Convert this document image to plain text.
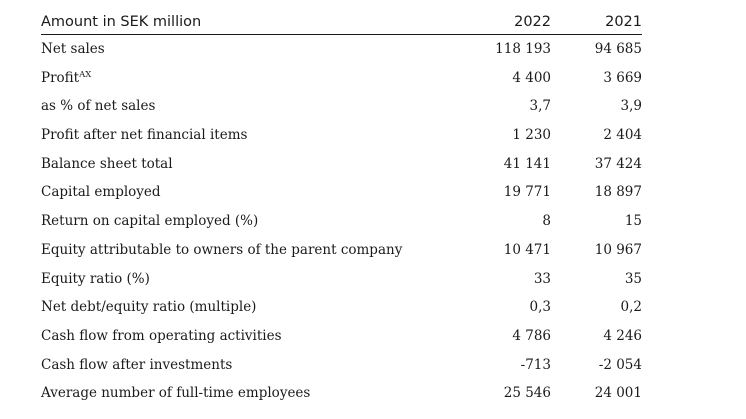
Amount in SEK million	2022	2021
Net sales	118 193	94 685
Profit$^{AX}$	4 400	3 669
as % of net sales	3,7	3,9
Profit after net financial items	1 230	2 404
Balance sheet total	41 141	37 424
Capital employed	19 771	18 897
Return on capital employed (%)	8	15
Equity attributable to owners of the parent company	10 471	10 967
Equity ratio (%)	33	35
Net debt/equity ratio (multiple)	0,3	0,2
Cash flow from operating activities	4 786	4 246
Cash flow after investments	-713	-2 054
Average number of full-time employees	25 546	24 001
